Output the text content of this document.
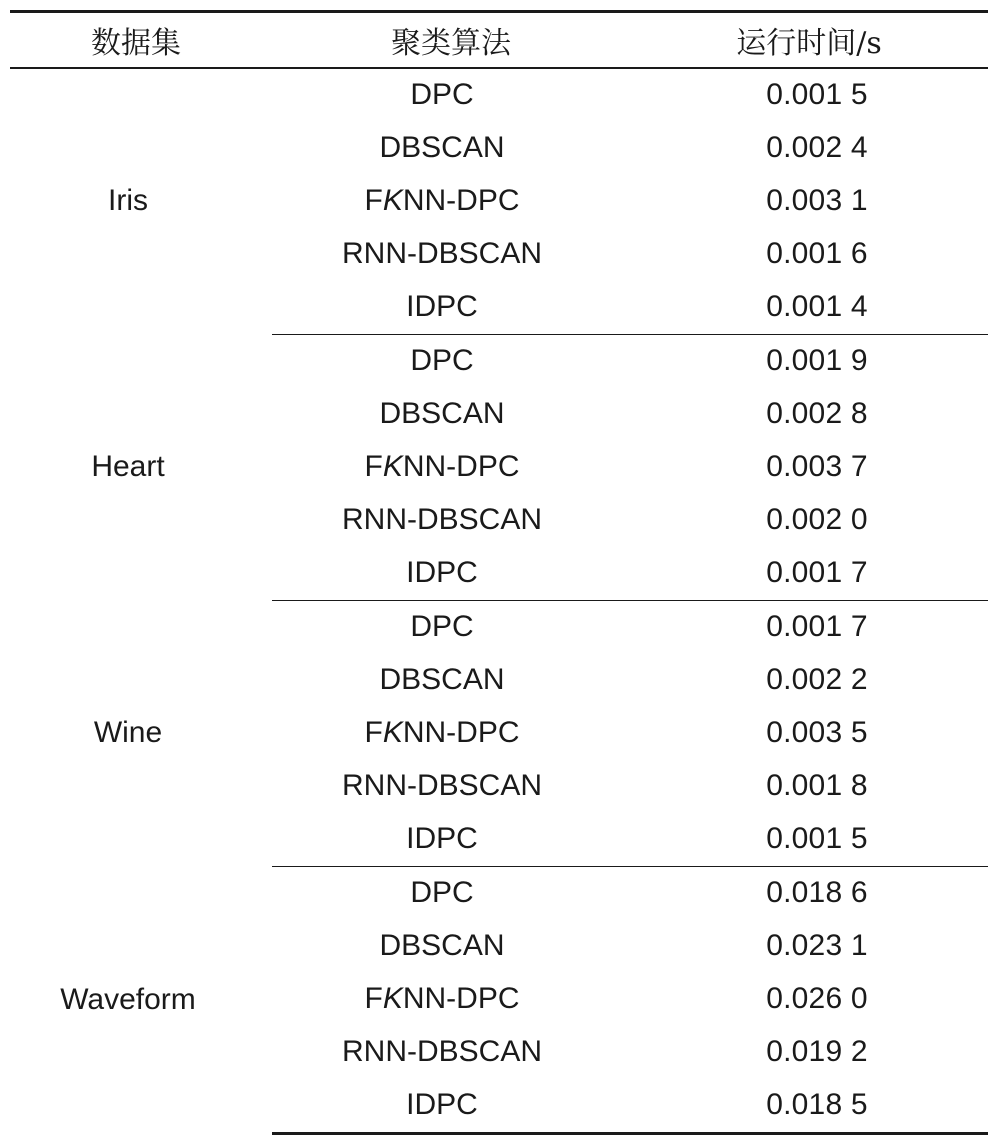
数据集	聚类算法	运行时间/s
Iris	DPC	0.001 5
	DBSCAN	0.002 4
	FKNN-DPC	0.003 1
	RNN-DBSCAN	0.001 6
	IDPC	0.001 4
Heart	DPC	0.001 9
	DBSCAN	0.002 8
	FKNN-DPC	0.003 7
	RNN-DBSCAN	0.002 0
	IDPC	0.001 7
Wine	DPC	0.001 7
	DBSCAN	0.002 2
	FKNN-DPC	0.003 5
	RNN-DBSCAN	0.001 8
	IDPC	0.001 5
Waveform	DPC	0.018 6
	DBSCAN	0.023 1
	FKNN-DPC	0.026 0
	RNN-DBSCAN	0.019 2
	IDPC	0.018 5
